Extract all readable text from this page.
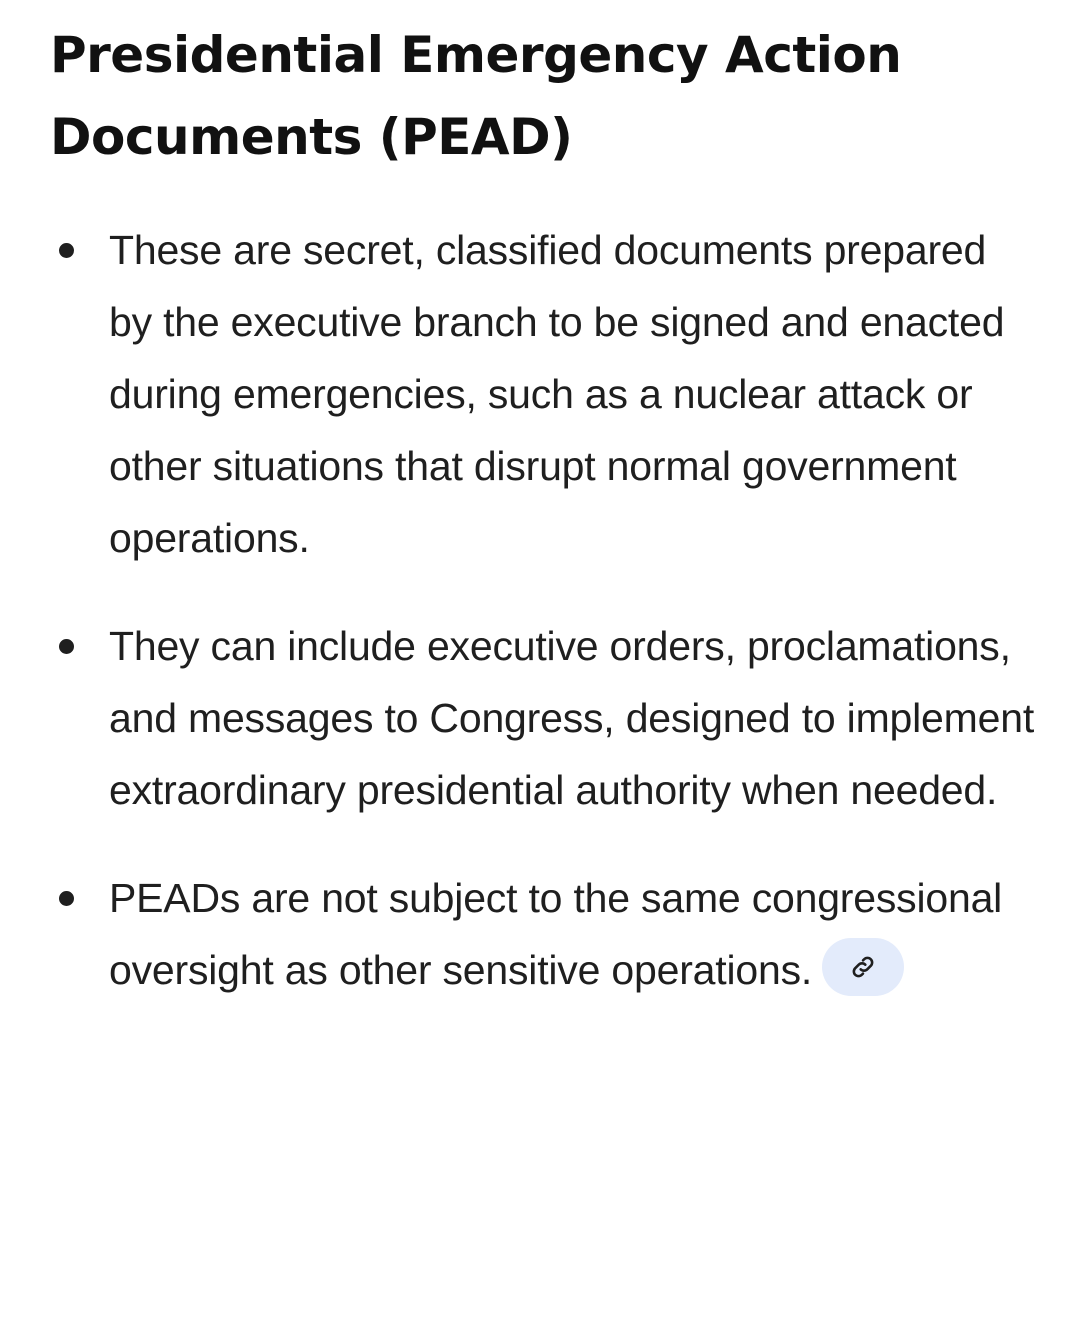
Presidential Emergency Action Documents (PEAD)
These are secret, classified documents prepared by the executive branch to be signed and enacted during emergencies, such as a nuclear attack or other situations that disrupt normal government operations.
They can include executive orders, proclamations, and messages to Congress, designed to implement extraordinary presidential authority when needed.
PEADs are not subject to the same congressional oversight as other sensitive operations.
